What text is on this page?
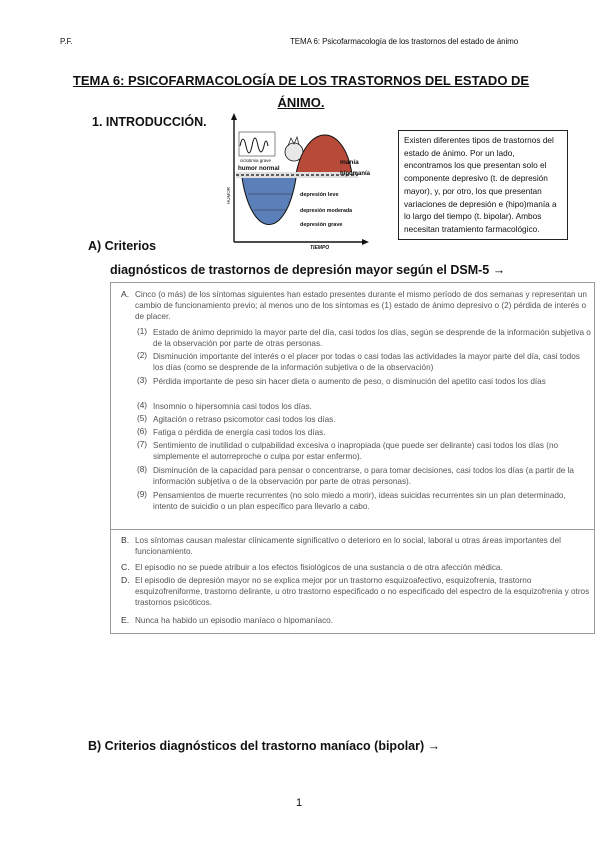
P.F.	TEMA 6: Psicofarmacología de los trastornos del estado de ánimo
TEMA 6: PSICOFARMACOLOGÍA DE LOS TRASTORNOS DEL ESTADO DE ÁNIMO.
1. INTRODUCCIÓN.
ciclotimia grave	manía
hipomanía
humor normal
depresión leve
depresión moderada
depresión grave
HUMOR
TIEMPO
Existen diferentes tipos de trastornos del estado de ánimo. Por un lado, encontramos los que presentan solo el componente depresivo (t. de depresión mayor), y, por otro, los que presentan variaciones de depresión e (hipo)manía a lo largo del tiempo (t. bipolar). Ambos necesitan tratamiento farmacológico.
A) Criterios
diagnósticos de trastornos de depresión mayor según el DSM-5 →
A. Cinco (o más) de los síntomas siguientes han estado presentes durante el mismo período de dos semanas y representan un cambio de funcionamiento previo; al menos uno de los síntomas es (1) estado de ánimo depresivo o (2) pérdida de interés o de placer.
(1) Estado de ánimo deprimido la mayor parte del día, casi todos los días, según se desprende de la información subjetiva o de la observación por parte de otras personas.
(2) Disminución importante del interés o el placer por todas o casi todas las actividades la mayor parte del día, casi todos los días (como se desprende de la información subjetiva o de la observación)
(3) Pérdida importante de peso sin hacer dieta o aumento de peso, o disminución del apetito casi todos los días
(4) Insomnio o hipersomnia casi todos los días.
(5) Agitación o retraso psicomotor casi todos los días.
(6) Fatiga o pérdida de energía casi todos los días.
(7) Sentimiento de inutilidad o culpabilidad excesiva o inapropiada (que puede ser delirante) casi todos los días (no simplemente el autorreproche o culpa por estar enfermo).
(8) Disminución de la capacidad para pensar o concentrarse, o para tomar decisiones, casi todos los días (a partir de la información subjetiva o de la observación por parte de otras personas).
(9) Pensamientos de muerte recurrentes (no solo miedo a morir), ideas suicidas recurrentes sin un plan determinado, intento de suicidio o un plan específico para llevarlo a cabo.
B. Los síntomas causan malestar clínicamente significativo o deterioro en lo social, laboral u otras áreas importantes del funcionamiento.
C. El episodio no se puede atribuir a los efectos fisiológicos de una sustancia o de otra afección médica.
D. El episodio de depresión mayor no se explica mejor por un trastorno esquizoafectivo, esquizofrenia, trastorno esquizofreniforme, trastorno delirante, u otro trastorno especificado o no especificado del espectro de la esquizofrenia y otros trastornos psicóticos.
E. Nunca ha habido un episodio maníaco o hipomaníaco.
B) Criterios diagnósticos del trastorno maníaco (bipolar) →
1
